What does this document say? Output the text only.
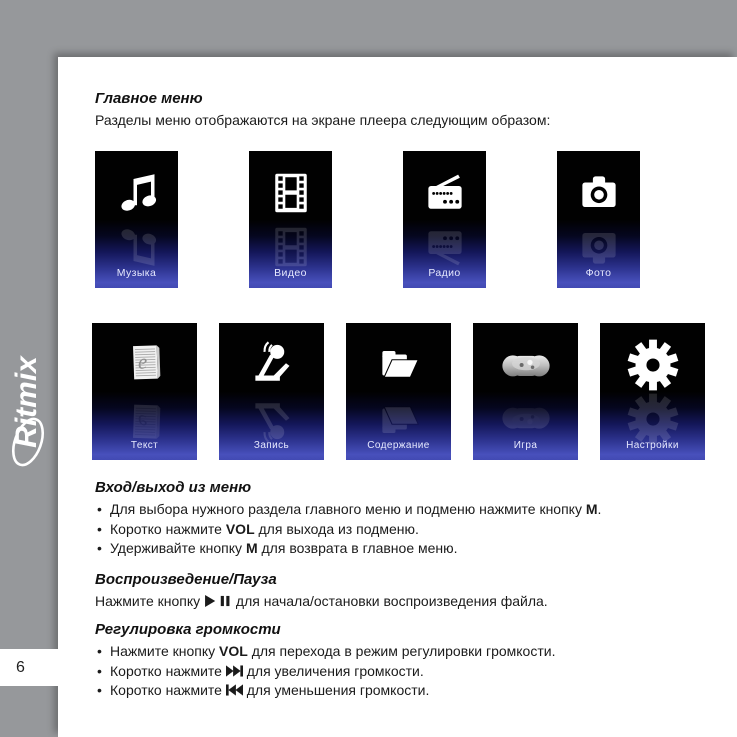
Ritmix
6
Главное меню
Разделы меню отображаются на экране плеера следующим образом:
Музыка	Видео	Радио	Фото
Текст	Запись	Содержание	Игра	Настройки
Вход/выход из меню
• Для выбора нужного раздела главного меню и подменю нажмите кнопку M.
• Коротко нажмите VOL для выхода из подменю.
• Удерживайте кнопку M для возврата в главное меню.
Воспроизведение/Пауза
Нажмите кнопку  для начала/остановки воспроизведения файла.
Регулировка громкости
• Нажмите кнопку VOL для перехода в режим регулировки громкости.
• Коротко нажмите  для увеличения громкости.
• Коротко нажмите  для уменьшения громкости.
